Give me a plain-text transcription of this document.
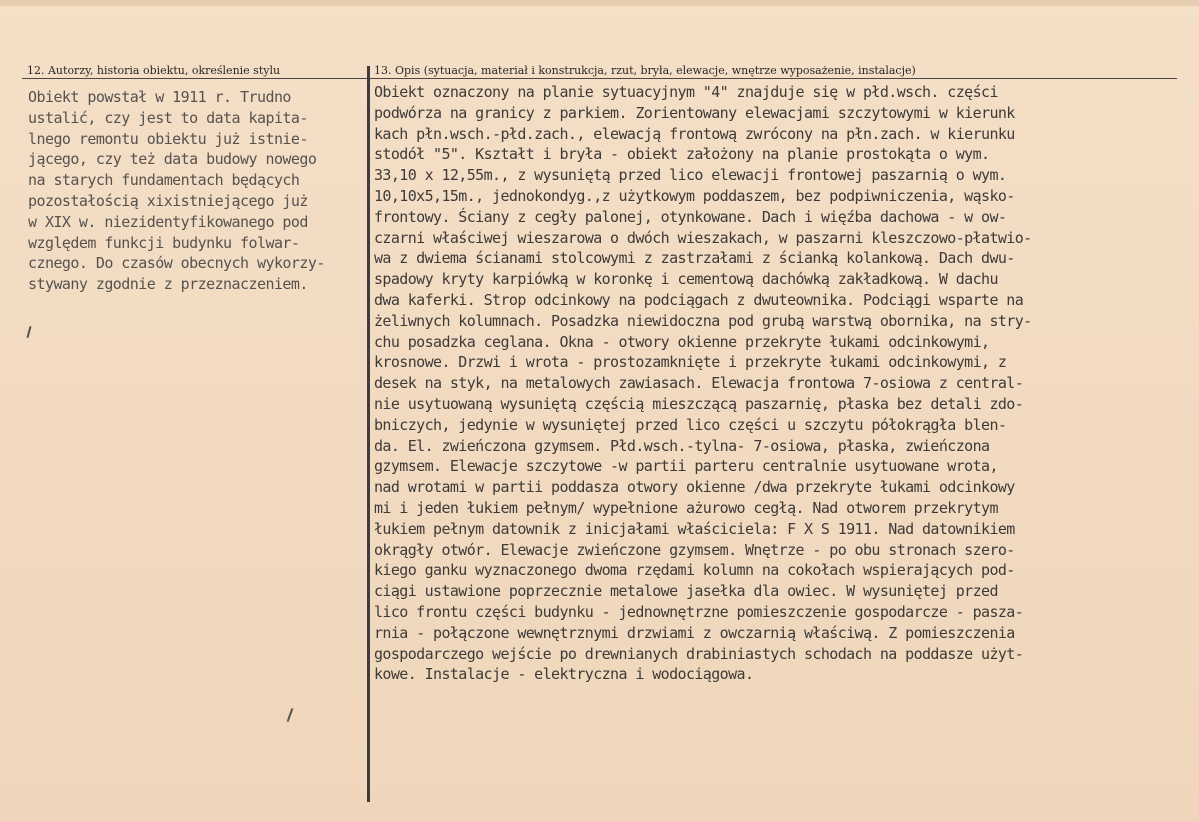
12. Autorzy, historia obiektu, określenie stylu	13. Opis (sytuacja, materiał i konstrukcja, rzut, bryła, elewacje, wnętrze wyposażenie, instalacje)
Obiekt powstał w 1911 r. Trudno
ustalić, czy jest to data kapita-
lnego remontu obiektu już istnie-
jącego, czy też data budowy nowego
na starych fundamentach będących
pozostałością xixistniejącego już
w XIX w. niezidentyfikowanego pod
względem funkcji budynku folwar-
cznego. Do czasów obecnych wykorzy-
stywany zgodnie z przeznaczeniem.
Obiekt oznaczony na planie sytuacyjnym "4" znajduje się w płd.wsch. części
podwórza na granicy z parkiem. Zorientowany elewacjami szczytowymi w kierunk
kach płn.wsch.-płd.zach., elewacją frontową zwrócony na płn.zach. w kierunku
stodół "5". Kształt i bryła - obiekt założony na planie prostokąta o wym.
33,10 x 12,55m., z wysuniętą przed lico elewacji frontowej paszarnią o wym.
10,10x5,15m., jednokondyg.,z użytkowym poddaszem, bez podpiwniczenia, wąsko-
frontowy. Ściany z cegły palonej, otynkowane. Dach i więźba dachowa - w ow-
czarni właściwej wieszarowa o dwóch wieszakach, w paszarni kleszczowo-płatwio-
wa z dwiema ścianami stolcowymi z zastrzałami z ścianką kolankową. Dach dwu-
spadowy kryty karpiówką w koronkę i cementową dachówką zakładkową. W dachu
dwa kaferki. Strop odcinkowy na podciągach z dwuteownika. Podciągi wsparte na
żeliwnych kolumnach. Posadzka niewidoczna pod grubą warstwą obornika, na stry-
chu posadzka ceglana. Okna - otwory okienne przekryte łukami odcinkowymi,
krosnowe. Drzwi i wrota - prostozamknięte i przekryte łukami odcinkowymi, z
desek na styk, na metalowych zawiasach. Elewacja frontowa 7-osiowa z central-
nie usytuowaną wysuniętą częścią mieszczącą paszarnię, płaska bez detali zdo-
bniczych, jedynie w wysuniętej przed lico części u szczytu półokrągła blen-
da. El. zwieńczona gzymsem. Płd.wsch.-tylna- 7-osiowa, płaska, zwieńczona
gzymsem. Elewacje szczytowe -w partii parteru centralnie usytuowane wrota,
nad wrotami w partii poddasza otwory okienne /dwa przekryte łukami odcinkowy
mi i jeden łukiem pełnym/ wypełnione ażurowo cegłą. Nad otworem przekrytym
łukiem pełnym datownik z inicjałami właściciela: F X S 1911. Nad datownikiem
okrągły otwór. Elewacje zwieńczone gzymsem. Wnętrze - po obu stronach szero-
kiego ganku wyznaczonego dwoma rzędami kolumn na cokołach wspierających pod-
ciągi ustawione poprzecznie metalowe jasełka dla owiec. W wysuniętej przed
lico frontu części budynku - jednownętrzne pomieszczenie gospodarcze - pasza-
rnia - połączone wewnętrznymi drzwiami z owczarnią właściwą. Z pomieszczenia
gospodarczego wejście po drewnianych drabiniastych schodach na poddasze użyt-
kowe. Instalacje - elektryczna i wodociągowa.
